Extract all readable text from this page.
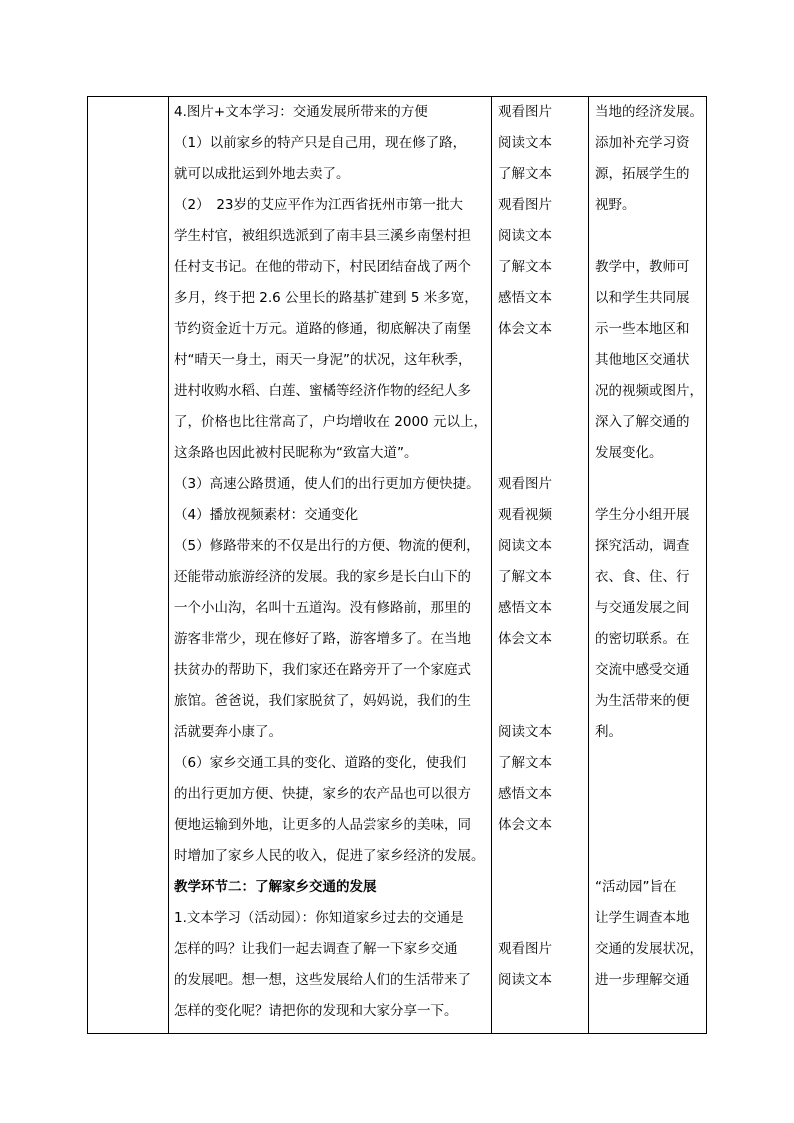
4.图片+文本学习：交通发展所带来的方便
（1）以前家乡的特产只是自己用，现在修了路，
就可以成批运到外地去卖了。
（2）　23岁的艾应平作为江西省抚州市第一批大
学生村官，被组织选派到了南丰县三溪乡南堡村担
任村支书记。在他的带动下，村民团结奋战了两个
多月，终于把 2.6 公里长的路基扩建到 5 米多宽，
节约资金近十万元。道路的修通，彻底解决了南堡
村“晴天一身土，雨天一身泥”的状况，这年秋季，
进村收购水稻、白莲、蜜橘等经济作物的经纪人多
了，价格也比往常高了，户均增收在 2000 元以上，
这条路也因此被村民昵称为“致富大道”。
（3）高速公路贯通，使人们的出行更加方便快捷。
（4）播放视频素材：交通变化
（5）修路带来的不仅是出行的方便、物流的便利，
还能带动旅游经济的发展。我的家乡是长白山下的
一个小山沟，名叫十五道沟。没有修路前，那里的
游客非常少，现在修好了路，游客增多了。在当地
扶贫办的帮助下，我们家还在路旁开了一个家庭式
旅馆。爸爸说，我们家脱贫了，妈妈说，我们的生
活就要奔小康了。
（6）家乡交通工具的变化、道路的变化，使我们
的出行更加方便、快捷，家乡的农产品也可以很方
便地运输到外地，让更多的人品尝家乡的美味，同
时增加了家乡人民的收入，促进了家乡经济的发展。
教学环节二：了解家乡交通的发展
1.文本学习（活动园）：你知道家乡过去的交通是
怎样的吗？让我们一起去调查了解一下家乡交通
的发展吧。想一想，这些发展给人们的生活带来了
怎样的变化呢？请把你的发现和大家分享一下。
观看图片
阅读文本
了解文本
观看图片
阅读文本
了解文本
感悟文本
体会文本
观看图片
观看视频
阅读文本
了解文本
感悟文本
体会文本
阅读文本
了解文本
感悟文本
体会文本
观看图片
阅读文本
当地的经济发展。
添加补充学习资
源，拓展学生的
视野。
教学中，教师可
以和学生共同展
示一些本地区和
其他地区交通状
况的视频或图片，
深入了解交通的
发展变化。
学生分小组开展
探究活动，调查
衣、食、住、行
与交通发展之间
的密切联系。在
交流中感受交通
为生活带来的便
利。
“活动园”旨在
让学生调查本地
交通的发展状况，
进一步理解交通
